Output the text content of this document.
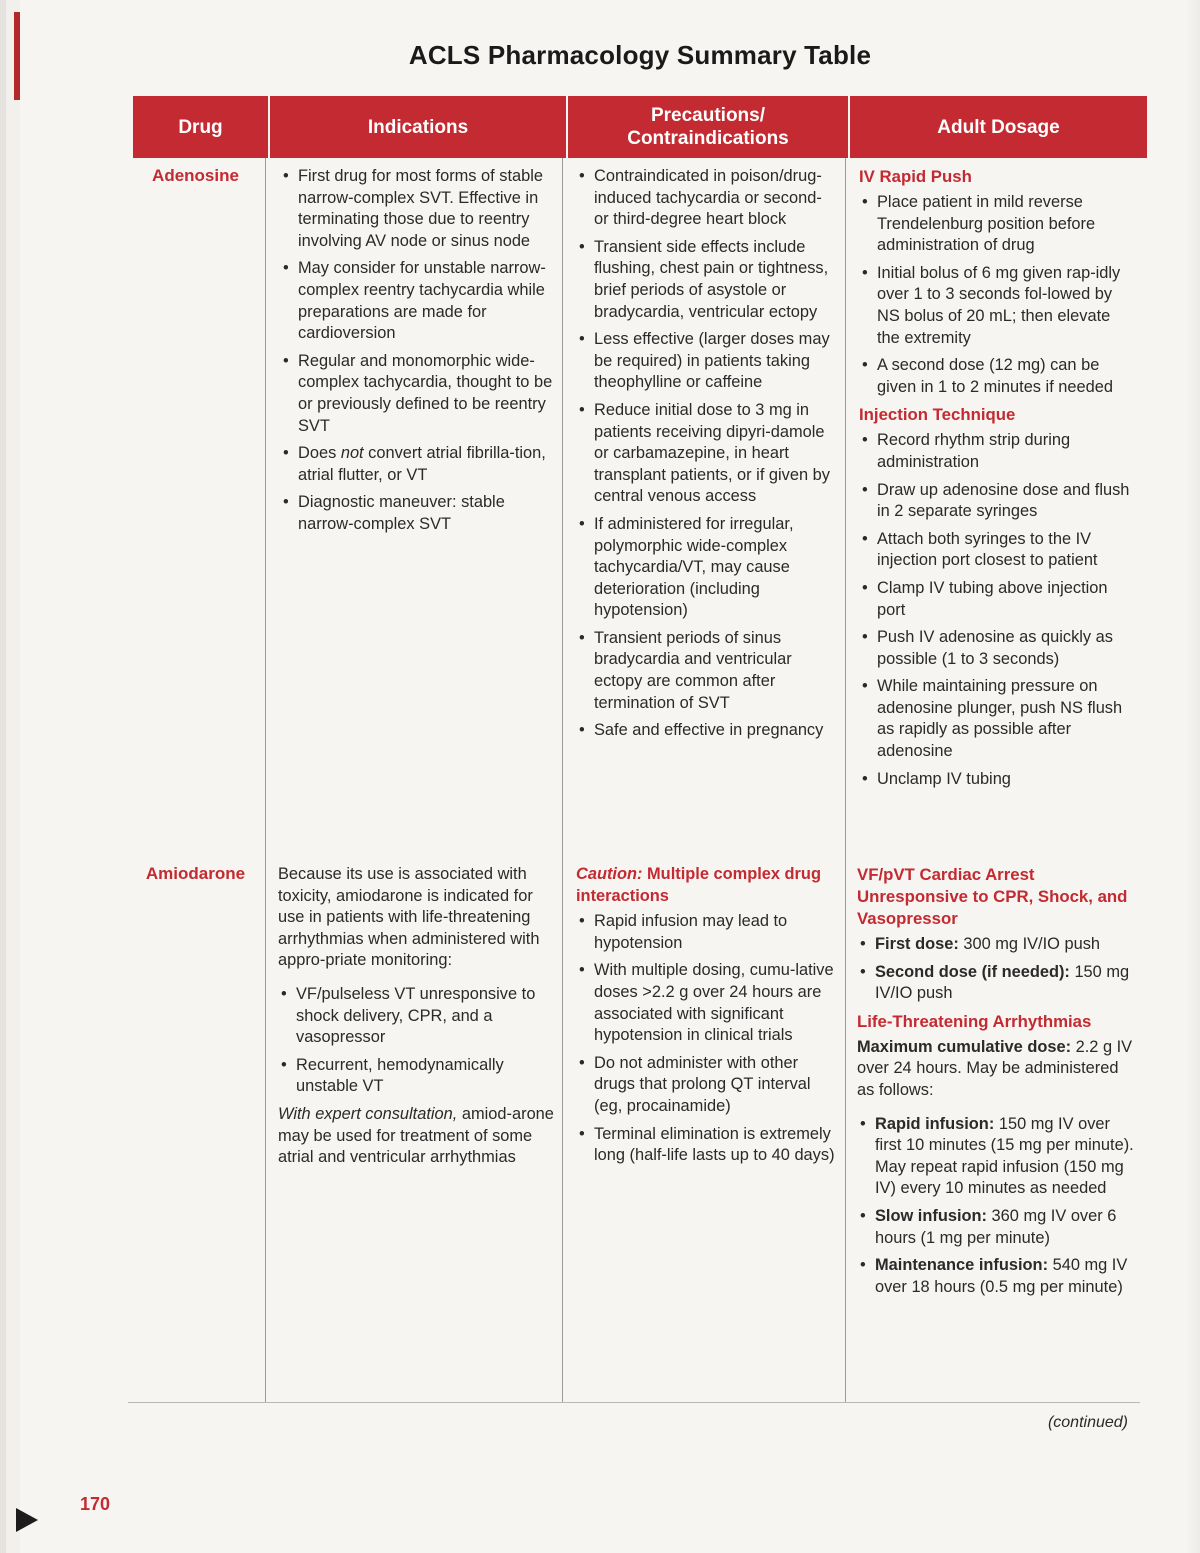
ACLS Pharmacology Summary Table
Drug	Indications
Precautions/
Contraindications
Adult Dosage
Adenosine
•	First drug for most forms of stable narrow-complex SVT. Effective in terminating those due to reentry involving AV node or sinus node
• May consider for unstable narrow-complex reentry tachycardia while preparations are made for cardioversion
• Regular and monomorphic wide-complex tachycardia, thought to be or previously defined to be reentry SVT
• Does not convert atrial fibrilla-tion, atrial flutter, or VT
• Diagnostic maneuver: stable narrow-complex SVT
• Contraindicated in poison/drug-induced tachycardia or second- or third-degree heart block
• Transient side effects include flushing, chest pain or tightness, brief periods of asystole or bradycardia, ventricular ectopy
• Less effective (larger doses may be required) in patients taking theophylline or caffeine
• Reduce initial dose to 3 mg in patients receiving dipyri-damole or carbamazepine, in heart transplant patients, or if given by central venous access
• If administered for irregular, polymorphic wide-complex tachycardia/VT, may cause deterioration (including hypotension)
• Transient periods of sinus bradycardia and ventricular ectopy are common after termination of SVT
• Safe and effective in pregnancy
IV Rapid Push
• Place patient in mild reverse Trendelenburg position before administration of drug
• Initial bolus of 6 mg given rap-idly over 1 to 3 seconds fol-lowed by NS bolus of 20 mL; then elevate the extremity
• A second dose (12 mg) can be given in 1 to 2 minutes if needed
Injection Technique
• Record rhythm strip during administration
• Draw up adenosine dose and flush in 2 separate syringes
• Attach both syringes to the IV injection port closest to patient
• Clamp IV tubing above injection port
• Push IV adenosine as quickly as possible (1 to 3 seconds)
• While maintaining pressure on adenosine plunger, push NS flush as rapidly as possible after adenosine
• Unclamp IV tubing
Amiodarone	Because its use is associated with toxicity, amiodarone is indicated for use in patients with life-threatening arrhythmias when administered with appro-priate monitoring:

• VF/pulseless VT unresponsive to shock delivery, CPR, and a vasopressor
• Recurrent, hemodynamically unstable VT

With expert consultation, amiod-arone may be used for treatment of some atrial and ventricular arrhythmias

Caution: Multiple complex drug interactions
• Rapid infusion may lead to hypotension
• With multiple dosing, cumu-lative doses >2.2 g over 24 hours are associated with significant hypotension in clinical trials
• Do not administer with other drugs that prolong QT interval (eg, procainamide)
• Terminal elimination is extremely long (half-life lasts up to 40 days)
VF/pVT Cardiac Arrest Unresponsive to CPR, Shock, and Vasopressor
• First dose: 300 mg IV/IO push
• Second dose (if needed): 150 mg IV/IO push
Life-Threatening Arrhythmias

Maximum cumulative dose: 2.2 g IV over 24 hours. May be administered as follows:

• Rapid infusion: 150 mg IV over first 10 minutes (15 mg per minute). May repeat rapid infusion (150 mg IV) every 10 minutes as needed
• Slow infusion: 360 mg IV over 6 hours (1 mg per minute)
• Maintenance infusion: 540 mg IV over 18 hours (0.5 mg per minute)
(continued)
170
